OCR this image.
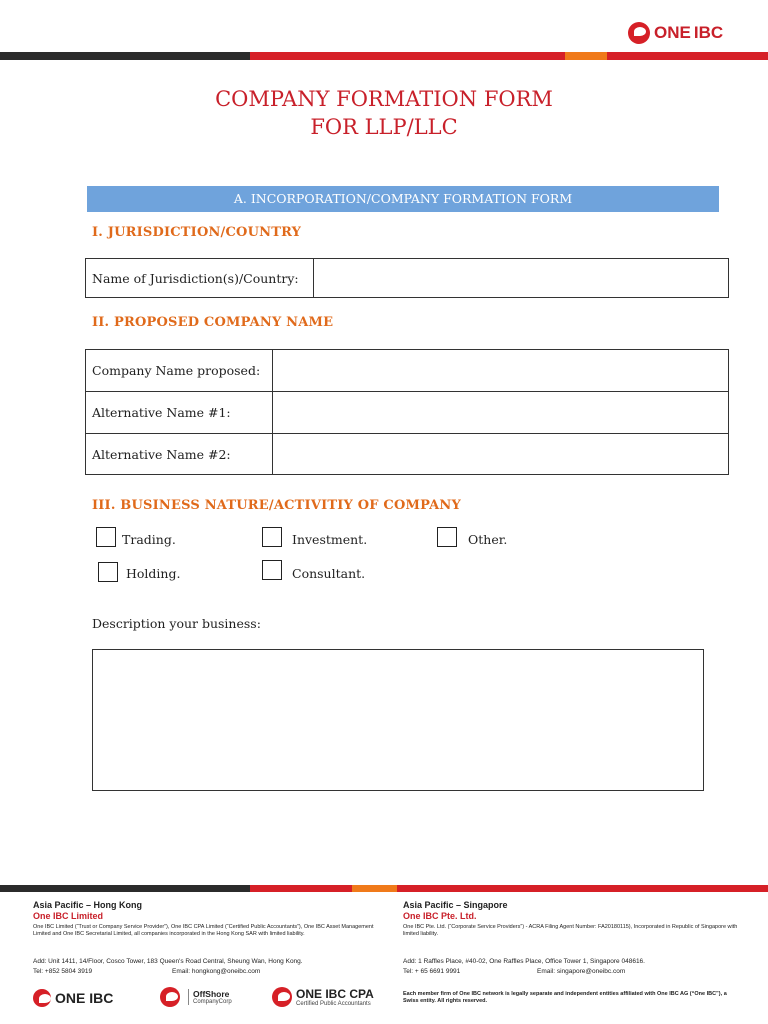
ONE IBC
COMPANY FORMATION FORM
FOR LLP/LLC
A. INCORPORATION/COMPANY FORMATION FORM
I. JURISDICTION/COUNTRY
Name of Jurisdiction(s)/Country:	
II. PROPOSED COMPANY NAME
Company Name proposed:	
Alternative Name #1:	
Alternative Name #2:	
III. BUSINESS NATURE/ACTIVITIY OF COMPANY
Trading.	Investment.	Other.
Holding.	Consultant.
Description your business:
Asia Pacific – Hong Kong
One IBC Limited
One IBC Limited (“Trust or Company Service Provider”), One IBC CPA Limited (“Certified Public Accountants”), One IBC Asset Management Limited and One IBC Secretarial Limited, all companies incorporated in the Hong Kong SAR with limited liability.
Add: Unit 1411, 14/Floor, Cosco Tower, 183 Queen's Road Central, Sheung Wan, Hong Kong.
Tel: +852 5804 3919	Email: hongkong@oneibc.com
Asia Pacific – Singapore
One IBC Pte. Ltd.
One IBC Pte. Ltd. (“Corporate Service Providers”) - ACRA Filing Agent Number: FA20180115), Incorporated in Republic of Singapore with limited liability.
Add: 1 Raffles Place, #40-02, One Raffles Place, Office Tower 1, Singapore 048616.
Tel: + 65 6691 9991	Email: singapore@oneibc.com
Each member firm of One IBC network is legally separate and independent entities affiliated with One IBC AG (“One IBC”), a Swiss entity. All rights reserved.
ONE IBC	OffShore
CompanyCorp
ONE IBC CPA
Certified Public Accountants
